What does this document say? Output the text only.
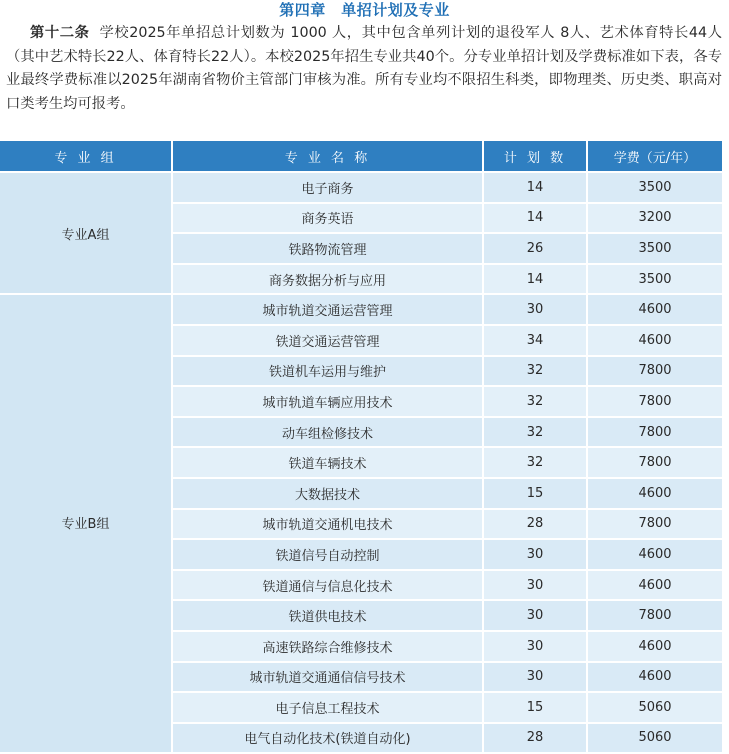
第四章　单招计划及专业
第十二条 学校2025年单招总计划数为 1000 人，其中包含单列计划的退役军人 8人、艺术体育特长44人（其中艺术特长22人、体育特长22人）。本校2025年招生专业共40个。分专业单招计划及学费标准如下表，各专业最终学费标准以2025年湖南省物价主管部门审核为准。所有专业均不限招生科类，即物理类、历史类、职高对口类考生均可报考。
专 业 组	专 业 名 称	计 划 数	学费（元/年）
专业A组	电子商务	14	3500
	商务英语	14	3200
	铁路物流管理	26	3500
	商务数据分析与应用	14	3500

专业B组	城市轨道交通运营管理	30	4600
	铁道交通运营管理	34	4600
	铁道机车运用与维护	32	7800
	城市轨道车辆应用技术	32	7800
	动车组检修技术	32	7800
	铁道车辆技术	32	7800
	大数据技术	15	4600
	城市轨道交通机电技术	28	7800
	铁道信号自动控制	30	4600
	铁道通信与信息化技术	30	4600
	铁道供电技术	30	7800
	高速铁路综合维修技术	30	4600
	城市轨道交通通信信号技术	30	4600
	电子信息工程技术	15	5060
	电气自动化技术(铁道自动化)	28	5060
